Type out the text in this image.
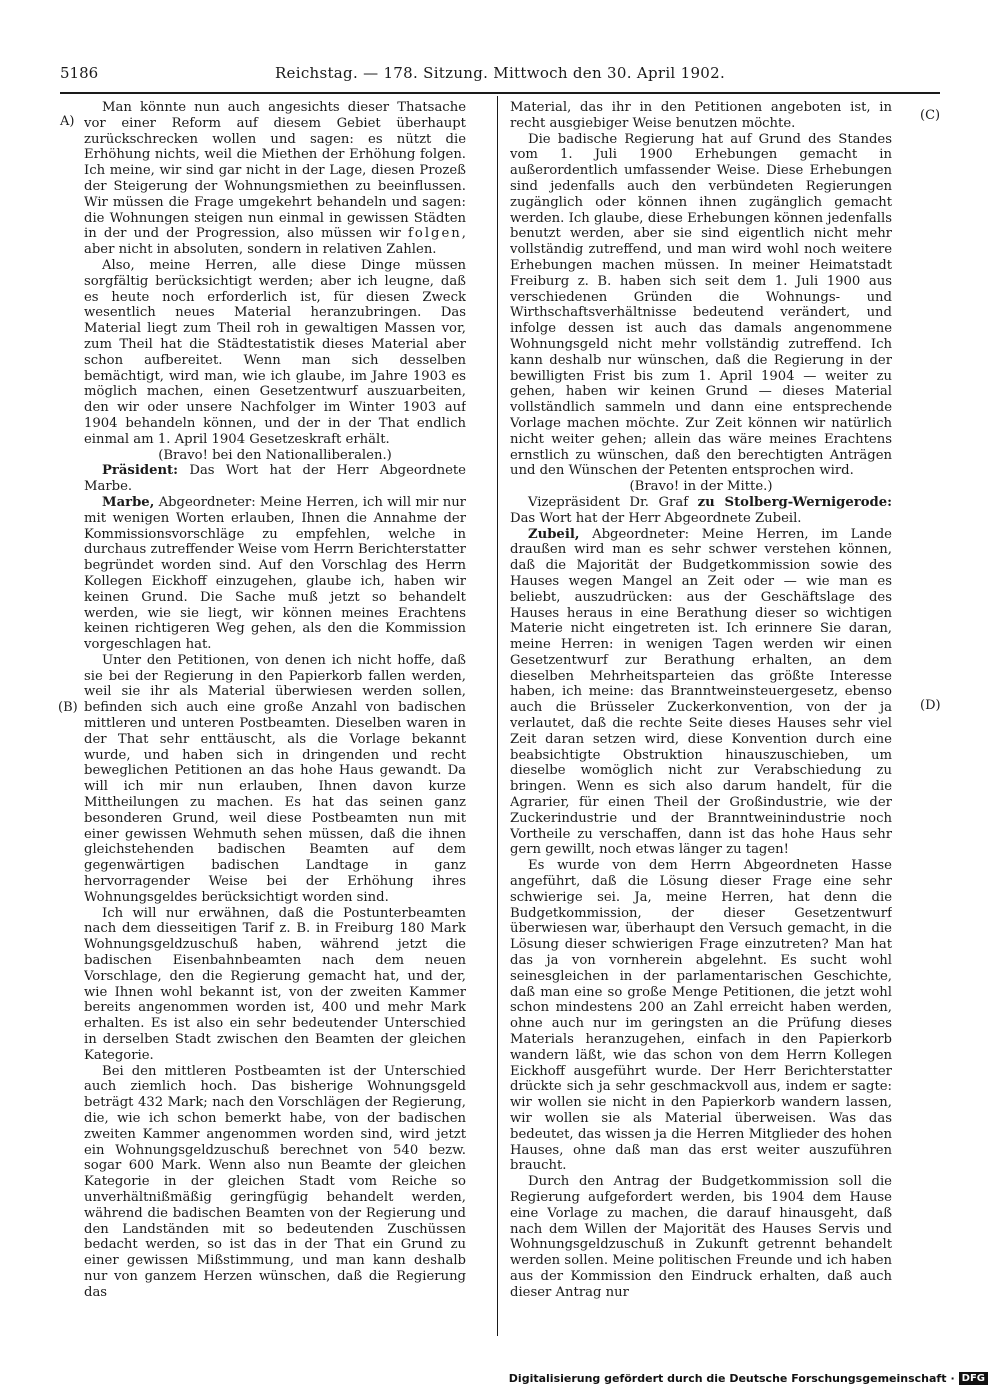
5186	Reichstag. — 178. Sitzung. Mittwoch den 30. April 1902.
A)
(B)
(C)
(D)

Man könnte nun auch angesichts dieser Thatsache vor einer Reform auf diesem Gebiet überhaupt zurückschrecken wollen und sagen: es nützt die Erhöhung nichts, weil die Miethen der Erhöhung folgen. Ich meine, wir sind gar nicht in der Lage, diesen Prozeß der Steigerung der Wohnungsmiethen zu beeinflussen. Wir müssen die Frage umgekehrt behandeln und sagen: die Wohnungen steigen nun einmal in gewissen Städten in der und der Progression, also müssen wir folgen, aber nicht in absoluten, sondern in relativen Zahlen.

Also, meine Herren, alle diese Dinge müssen sorgfältig berücksichtigt werden; aber ich leugne, daß es heute noch erforderlich ist, für diesen Zweck wesentlich neues Material heranzubringen. Das Material liegt zum Theil roh in gewaltigen Massen vor, zum Theil hat die Städtestatistik dieses Material aber schon aufbereitet. Wenn man sich desselben bemächtigt, wird man, wie ich glaube, im Jahre 1903 es möglich machen, einen Gesetzentwurf auszuarbeiten, den wir oder unsere Nachfolger im Winter 1903 auf 1904 behandeln können, und der in der That endlich einmal am 1. April 1904 Gesetzeskraft erhält.

(Bravo! bei den Nationalliberalen.)

Präsident: Das Wort hat der Herr Abgeordnete Marbe.

Marbe, Abgeordneter: Meine Herren, ich will mir nur mit wenigen Worten erlauben, Ihnen die Annahme der Kommissionsvorschläge zu empfehlen, welche in durchaus zutreffender Weise vom Herrn Berichterstatter begründet worden sind. Auf den Vorschlag des Herrn Kollegen Eickhoff einzugehen, glaube ich, haben wir keinen Grund. Die Sache muß jetzt so behandelt werden, wie sie liegt, wir können meines Erachtens keinen richtigeren Weg gehen, als den die Kommission vorgeschlagen hat.

Unter den Petitionen, von denen ich nicht hoffe, daß sie bei der Regierung in den Papierkorb fallen werden, weil sie ihr als Material überwiesen werden sollen, befinden sich auch eine große Anzahl von badischen mittleren und unteren Postbeamten. Dieselben waren in der That sehr enttäuscht, als die Vorlage bekannt wurde, und haben sich in dringenden und recht beweglichen Petitionen an das hohe Haus gewandt. Da will ich mir nun erlauben, Ihnen davon kurze Mittheilungen zu machen. Es hat das seinen ganz besonderen Grund, weil diese Postbeamten nun mit einer gewissen Wehmuth sehen müssen, daß die ihnen gleichstehenden badischen Beamten auf dem gegenwärtigen badischen Landtage in ganz hervorragender Weise bei der Erhöhung ihres Wohnungsgeldes berücksichtigt worden sind.

Ich will nur erwähnen, daß die Postunterbeamten nach dem diesseitigen Tarif z. B. in Freiburg 180 Mark Wohnungsgeldzuschuß haben, während jetzt die badischen Eisenbahnbeamten nach dem neuen Vorschlage, den die Regierung gemacht hat, und der, wie Ihnen wohl bekannt ist, von der zweiten Kammer bereits angenommen worden ist, 400 und mehr Mark erhalten. Es ist also ein sehr bedeutender Unterschied in derselben Stadt zwischen den Beamten der gleichen Kategorie.

Bei den mittleren Postbeamten ist der Unterschied auch ziemlich hoch. Das bisherige Wohnungsgeld beträgt 432 Mark; nach den Vorschlägen der Regierung, die, wie ich schon bemerkt habe, von der badischen zweiten Kammer angenommen worden sind, wird jetzt ein Wohnungsgeldzuschuß berechnet von 540 bezw. sogar 600 Mark. Wenn also nun Beamte der gleichen Kategorie in der gleichen Stadt vom Reiche so unverhältnißmäßig geringfügig behandelt werden, während die badischen Beamten von der Regierung und den Landständen mit so bedeutenden Zuschüssen bedacht werden, so ist das in der That ein Grund zu einer gewissen Mißstimmung, und man kann deshalb nur von ganzem Herzen wünschen, daß die Regierung das

Material, das ihr in den Petitionen angeboten ist, in recht ausgiebiger Weise benutzen möchte.

Die badische Regierung hat auf Grund des Standes vom 1. Juli 1900 Erhebungen gemacht in außerordentlich umfassender Weise. Diese Erhebungen sind jedenfalls auch den verbündeten Regierungen zugänglich oder können ihnen zugänglich gemacht werden. Ich glaube, diese Erhebungen können jedenfalls benutzt werden, aber sie sind eigentlich nicht mehr vollständig zutreffend, und man wird wohl noch weitere Erhebungen machen müssen. In meiner Heimatstadt Freiburg z. B. haben sich seit dem 1. Juli 1900 aus verschiedenen Gründen die Wohnungs- und Wirthschaftsverhältnisse bedeutend verändert, und infolge dessen ist auch das damals angenommene Wohnungsgeld nicht mehr vollständig zutreffend. Ich kann deshalb nur wünschen, daß die Regierung in der bewilligten Frist bis zum 1. April 1904 — weiter zu gehen, haben wir keinen Grund — dieses Material vollständlich sammeln und dann eine entsprechende Vorlage machen möchte. Zur Zeit können wir natürlich nicht weiter gehen; allein das wäre meines Erachtens ernstlich zu wünschen, daß den berechtigten Anträgen und den Wünschen der Petenten entsprochen wird.

(Bravo! in der Mitte.)

Vizepräsident Dr. Graf zu Stolberg-Wernigerode: Das Wort hat der Herr Abgeordnete Zubeil.

Zubeil, Abgeordneter: Meine Herren, im Lande draußen wird man es sehr schwer verstehen können, daß die Majorität der Budgetkommission sowie des Hauses wegen Mangel an Zeit oder — wie man es beliebt, auszudrücken: aus der Geschäftslage des Hauses heraus in eine Berathung dieser so wichtigen Materie nicht eingetreten ist. Ich erinnere Sie daran, meine Herren: in wenigen Tagen werden wir einen Gesetzentwurf zur Berathung erhalten, an dem dieselben Mehrheitsparteien das größte Interesse haben, ich meine: das Branntweinsteuergesetz, ebenso auch die Brüsseler Zuckerkonvention, von der ja verlautet, daß die rechte Seite dieses Hauses sehr viel Zeit daran setzen wird, diese Konvention durch eine beabsichtigte Obstruktion hinauszuschieben, um dieselbe womöglich nicht zur Verabschiedung zu bringen. Wenn es sich also darum handelt, für die Agrarier, für einen Theil der Großindustrie, wie der Zuckerindustrie und der Branntweinindustrie noch Vortheile zu verschaffen, dann ist das hohe Haus sehr gern gewillt, noch etwas länger zu tagen!

Es wurde von dem Herrn Abgeordneten Hasse angeführt, daß die Lösung dieser Frage eine sehr schwierige sei. Ja, meine Herren, hat denn die Budgetkommission, der dieser Gesetzentwurf überwiesen war, überhaupt den Versuch gemacht, in die Lösung dieser schwierigen Frage einzutreten? Man hat das ja von vornherein abgelehnt. Es sucht wohl seinesgleichen in der parlamentarischen Geschichte, daß man eine so große Menge Petitionen, die jetzt wohl schon mindestens 200 an Zahl erreicht haben werden, ohne auch nur im geringsten an die Prüfung dieses Materials heranzugehen, einfach in den Papierkorb wandern läßt, wie das schon von dem Herrn Kollegen Eickhoff ausgeführt wurde. Der Herr Berichterstatter drückte sich ja sehr geschmackvoll aus, indem er sagte: wir wollen sie nicht in den Papierkorb wandern lassen, wir wollen sie als Material überweisen. Was das bedeutet, das wissen ja die Herren Mitglieder des hohen Hauses, ohne daß man das erst weiter auszuführen braucht.

Durch den Antrag der Budgetkommission soll die Regierung aufgefordert werden, bis 1904 dem Hause eine Vorlage zu machen, die darauf hinausgeht, daß nach dem Willen der Majorität des Hauses Servis und Wohnungsgeldzuschuß in Zukunft getrennt behandelt werden sollen. Meine politischen Freunde und ich haben aus der Kommission den Eindruck erhalten, daß auch dieser Antrag nur

Digitalisierung gefördert durch die Deutsche Forschungsgemeinschaft · DFG
